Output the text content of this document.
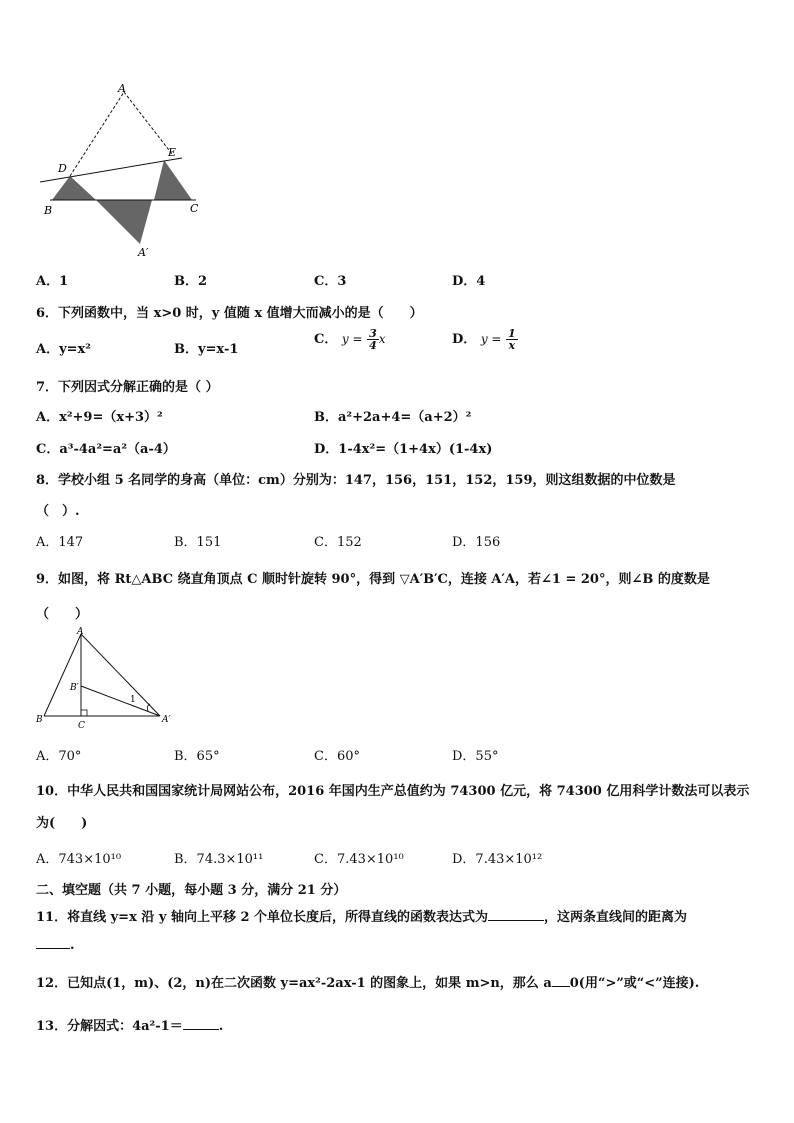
A
D
E
B	C
A′
A．1	B．2	C．3	D．4
6．下列函数中，当 x>0 时，y 值随 x 值增大而减小的是（　　）
A．y=x²	B．y=x-1
C． $y = \frac{3}{4}$ x	D． $y = \frac{1}{x}$
7．下列因式分解正确的是（ ）
A．x²+9=（x+3）²	B．a²+2a+4=（a+2）²
C．a³-4a²=a²（a-4）	D．1-4x²=（1+4x）(1-4x)
8．学校小组 5 名同学的身高（单位：cm）分别为：147，156，151，152，159，则这组数据的中位数是
（　）.
A．147	B．151	C．152	D．156
9．如图，将 Rt△ABC 绕直角顶点 C 顺时针旋转 90°，得到 ▽A′B′C，连接 A′A，若∠1 = 20°，则∠B 的度数是
（　　）
A
B′
1
B
C
A′
A．70°	B．65°	C．60°	D．55°
10．中华人民共和国国家统计局网站公布，2016 年国内生产总值约为 74300 亿元，将 74300 亿用科学计数法可以表示
为(　　)
A．743×10¹⁰	B．74.3×10¹¹	C．7.43×10¹⁰	D．7.43×10¹²
二、填空题（共 7 小题，每小题 3 分，满分 21 分）
11．将直线 y=x 沿 y 轴向上平移 2 个单位长度后，所得直线的函数表达式为	，这两条直线间的距离为
.
12．已知点(1，m)、(2，n)在二次函数 y=ax²-2ax-1 的图象上，如果 m>n，那么 a 0(用“>”或“<”连接).
13．分解因式：4a²-1＝	.
